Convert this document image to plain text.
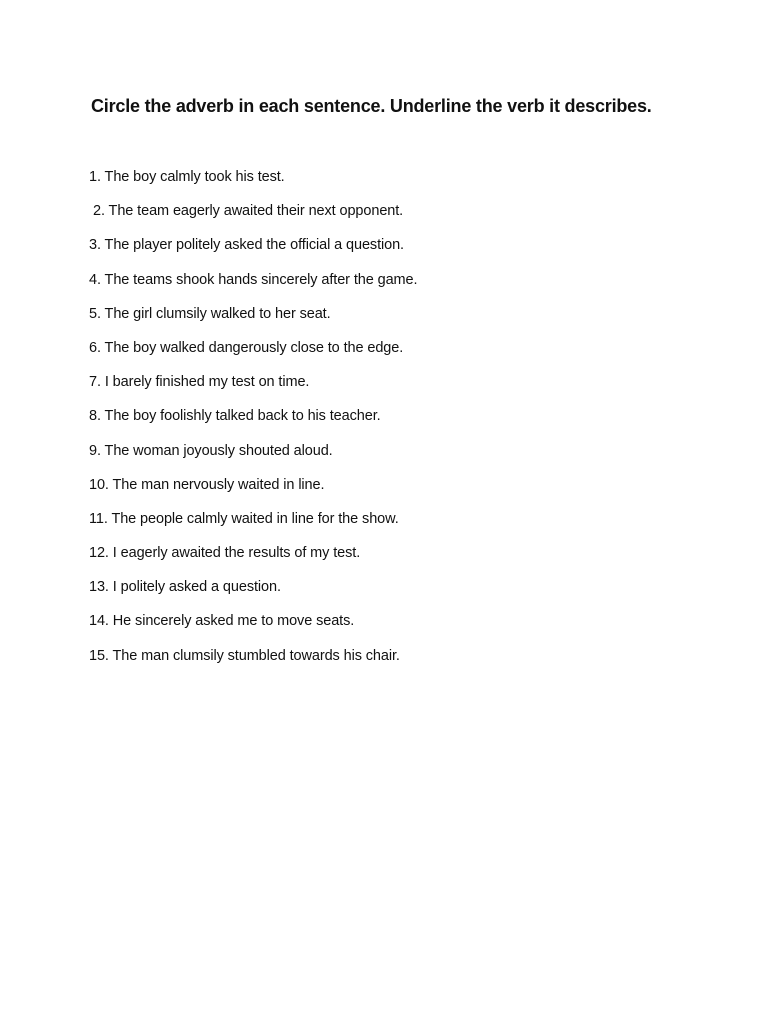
Circle the adverb in each sentence. Underline the verb it describes.
1. The boy calmly took his test.
2. The team eagerly awaited their next opponent.
3. The player politely asked the official a question.
4. The teams shook hands sincerely after the game.
5. The girl clumsily walked to her seat.
6. The boy walked dangerously close to the edge.
7. I barely finished my test on time.
8. The boy foolishly talked back to his teacher.
9. The woman joyously shouted aloud.
10. The man nervously waited in line.
11. The people calmly waited in line for the show.
12. I eagerly awaited the results of my test.
13. I politely asked a question.
14. He sincerely asked me to move seats.
15. The man clumsily stumbled towards his chair.
